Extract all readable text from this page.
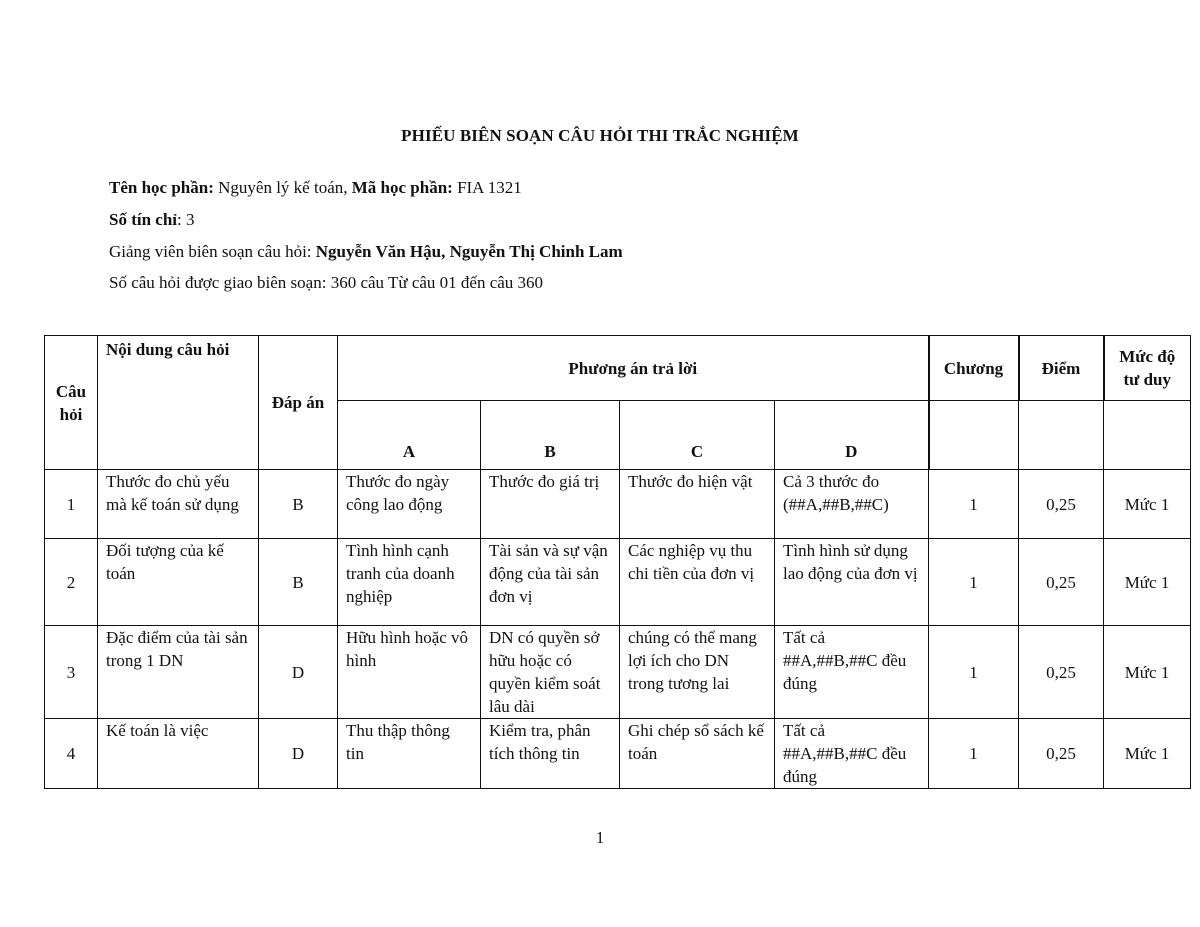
PHIẾU BIÊN SOẠN CÂU HỎI THI TRẮC NGHIỆM
Tên học phần: Nguyên lý kế toán, Mã học phần: FIA 1321
Số tín chỉ: 3
Giảng viên biên soạn câu hỏi: Nguyễn Văn Hậu, Nguyễn Thị Chinh Lam
Số câu hỏi được giao biên soạn: 360 câu Từ câu 01 đến câu 360
Câu hỏi	Nội dung câu hỏi	Đáp án	Phương án trả lời				Chương	Điểm	Mức độ tư duy
			A	B	C	D			
1	Thước đo chủ yếu mà kế toán sử dụng	B	Thước đo ngày công lao động	Thước đo giá trị	Thước đo hiện vật	Cả 3 thước đo (##A,##B,##C)	1	0,25	Mức 1
2	Đối tượng của kế toán	B	Tình hình cạnh tranh của doanh nghiệp	Tài sản và sự vận động của tài sản đơn vị	Các nghiệp vụ thu chi tiền của đơn vị	Tình hình sử dụng lao động của đơn vị	1	0,25	Mức 1
3	Đặc điểm của tài sản trong 1 DN	D	Hữu hình hoặc vô hình	DN có quyền sở hữu hoặc có quyền kiểm soát lâu dài	chúng có thể mang lợi ích cho DN trong tương lai	Tất cả ##A,##B,##C đều đúng	1	0,25	Mức 1
4	Kế toán là việc	D	Thu thập thông tin	Kiểm tra, phân tích thông tin	Ghi chép sổ sách kế toán	Tất cả ##A,##B,##C đều đúng	1	0,25	Mức 1
1
